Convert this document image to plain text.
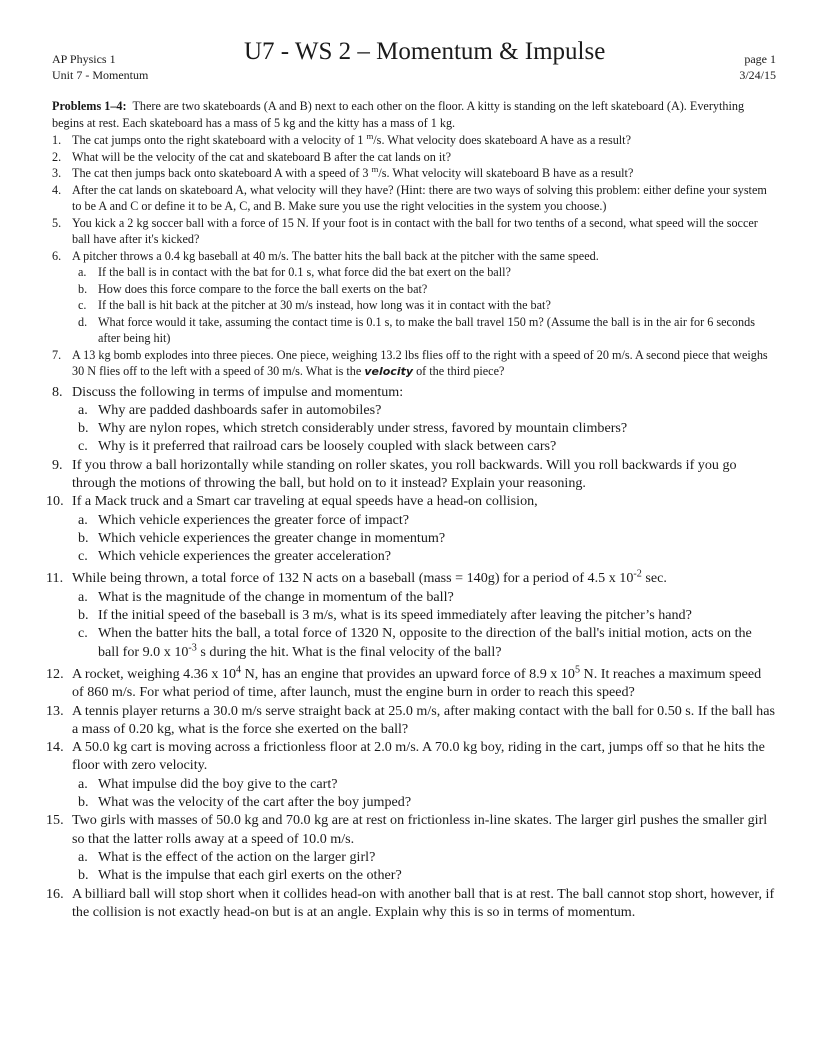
AP Physics 1
Unit 7 - Momentum
U7 - WS 2 – Momentum & Impulse	page 1
3/24/15

Problems 1–4: There are two skateboards (A and B) next to each other on the floor. A kitty is standing on the left skateboard (A). Everything begins at rest. Each skateboard has a mass of 5 kg and the kitty has a mass of 1 kg.

1. The cat jumps onto the right skateboard with a velocity of 1 $^m$/s. What velocity does skateboard A have as a result?
2. What will be the velocity of the cat and skateboard B after the cat lands on it?
3. The cat then jumps back onto skateboard A with a speed of 3 $^m$/s. What velocity will skateboard B have as a result?
4. After the cat lands on skateboard A, what velocity will they have? (Hint: there are two ways of solving this problem: either define your system to be A and C or define it to be A, C, and B. Make sure you use the right velocities in the system you choose.)
5. You kick a 2 kg soccer ball with a force of 15 N. If your foot is in contact with the ball for two tenths of a second, what speed will the soccer ball have after it's kicked?
6. A pitcher throws a 0.4 kg baseball at 40 m/s. The batter hits the ball back at the pitcher with the same speed.
a. If the ball is in contact with the bat for 0.1 s, what force did the bat exert on the ball?
b. How does this force compare to the force the ball exerts on the bat?
c. If the ball is hit back at the pitcher at 30 m/s instead, how long was it in contact with the bat?
d. What force would it take, assuming the contact time is 0.1 s, to make the ball travel 150 m? (Assume the ball is in the air for 6 seconds after being hit)
7. A 13 kg bomb explodes into three pieces. One piece, weighing 13.2 lbs flies off to the right with a speed of 20 m/s. A second piece that weighs 30 N flies off to the left with a speed of 30 m/s. What is the velocity of the third piece?
8. Discuss the following in terms of impulse and momentum:
a. Why are padded dashboards safer in automobiles?
b. Why are nylon ropes, which stretch considerably under stress, favored by mountain climbers?
c. Why is it preferred that railroad cars be loosely coupled with slack between cars?
9. If you throw a ball horizontally while standing on roller skates, you roll backwards. Will you roll backwards if you go through the motions of throwing the ball, but hold on to it instead? Explain your reasoning.
10. If a Mack truck and a Smart car traveling at equal speeds have a head-on collision,
a. Which vehicle experiences the greater force of impact?
b. Which vehicle experiences the greater change in momentum?
c. Which vehicle experiences the greater acceleration?
11. While being thrown, a total force of 132 N acts on a baseball (mass = 140g) for a period of 4.5 x $10^{-2}$ sec.
a. What is the magnitude of the change in momentum of the ball?
b. If the initial speed of the baseball is 3 m/s, what is its speed immediately after leaving the pitcher’s hand?
c. When the batter hits the ball, a total force of 1320 N, opposite to the direction of the ball's initial motion, acts on the ball for 9.0 x $10^{-3}$ s during the hit. What is the final velocity of the ball?
12. A rocket, weighing 4.36 x $10^4$ N, has an engine that provides an upward force of 8.9 x $10^5$ N. It reaches a maximum speed of 860 m/s. For what period of time, after launch, must the engine burn in order to reach this speed?
13. A tennis player returns a 30.0 m/s serve straight back at 25.0 m/s, after making contact with the ball for 0.50 s. If the ball has a mass of 0.20 kg, what is the force she exerted on the ball?
14. A 50.0 kg cart is moving across a frictionless floor at 2.0 m/s. A 70.0 kg boy, riding in the cart, jumps off so that he hits the floor with zero velocity.
a. What impulse did the boy give to the cart?
b. What was the velocity of the cart after the boy jumped?
15. Two girls with masses of 50.0 kg and 70.0 kg are at rest on frictionless in-line skates. The larger girl pushes the smaller girl so that the latter rolls away at a speed of 10.0 m/s.
a. What is the effect of the action on the larger girl?
b. What is the impulse that each girl exerts on the other?
16. A billiard ball will stop short when it collides head-on with another ball that is at rest. The ball cannot stop short, however, if the collision is not exactly head-on but is at an angle. Explain why this is so in terms of momentum.
